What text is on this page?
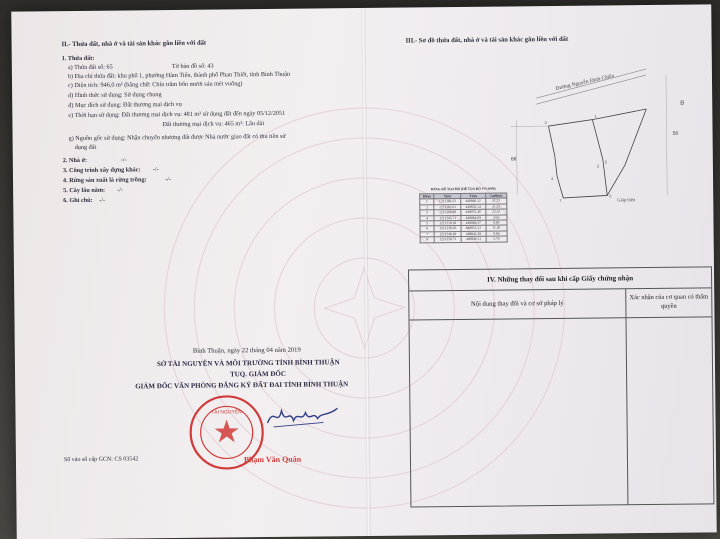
II.- Thửa đất, nhà ở và tài sản khác gắn liền với đất
1. Thửa đất:
a) Thửa đất số: 65	Tờ bản đồ số: 43
b) Địa chỉ thửa đất: khu phố 1, phường Hàm Tiến, thành phố Phan Thiết, tỉnh Bình Thuận
c) Diện tích: 946,0 m² (bằng chữ: Chín trăm bốn mươi sáu mét vuông)
d) Hình thức sử dụng: Sử dụng chung
đ) Mục đích sử dụng: Đất thương mại dịch vụ
e) Thời hạn sử dụng: Đất thương mại dịch vụ: 481 m² sử dụng đất đến ngày 05/12/2051
Đất thương mại dịch vụ: 465 m²: Lâu dài
g) Nguồn gốc sử dụng: Nhận chuyển nhượng đất được Nhà nước giao đất có thu tiền sử
dụng đất
2. Nhà ở:	-/-
3. Công trình xây dựng khác: -/-
4. Rừng sản xuất là rừng trồng:	-/-
5. Cây lâu năm: -/-
6. Ghi chú: -/-
Bình Thuận, ngày 22 tháng 04 năm 2019
SỞ TÀI NGUYÊN VÀ MÔI TRƯỜNG TỈNH BÌNH THUẬN
TUQ. GIÁM ĐỐC
GIÁM ĐỐC VĂN PHÒNG ĐĂNG KÝ ĐẤT ĐAI TỈNH BÌNH THUẬN
TÀI NGUYÊN
Phạm Văn Quân
Số vào sổ cấp GCN: CS 03542
III.- Sơ đồ thửa đất, nhà ở và tài sản khác gắn liền với đất
3
1
5
2
6
7
4
Đường Nguyễn Đình Chiểu
Giáp biển
66
58
B
BẢNG KÊ TỌA ĐỘ (HỆ TỌA ĐỘ VN-2000)
Điểm	X(m)	Y(m)	Cạnh(m)
1	1211260.22	448840.12	21.72
2	1211282.61	448855.14	21.55
3	1211266.89	448872.40	22.52
4	1211245.71	448884.69	24.6
5	1211218.18	448868.37	9.00
6	1211228.36	448855.12	11.20
7	1211246.82	448842.28	9.84
8	1211258.71	448840.11	2.74
IV. Những thay đổi sau khi cấp Giấy chứng nhận
Nội dung thay đổi và cơ sở pháp lý
Xác nhận của cơ quan có thẩm quyền
